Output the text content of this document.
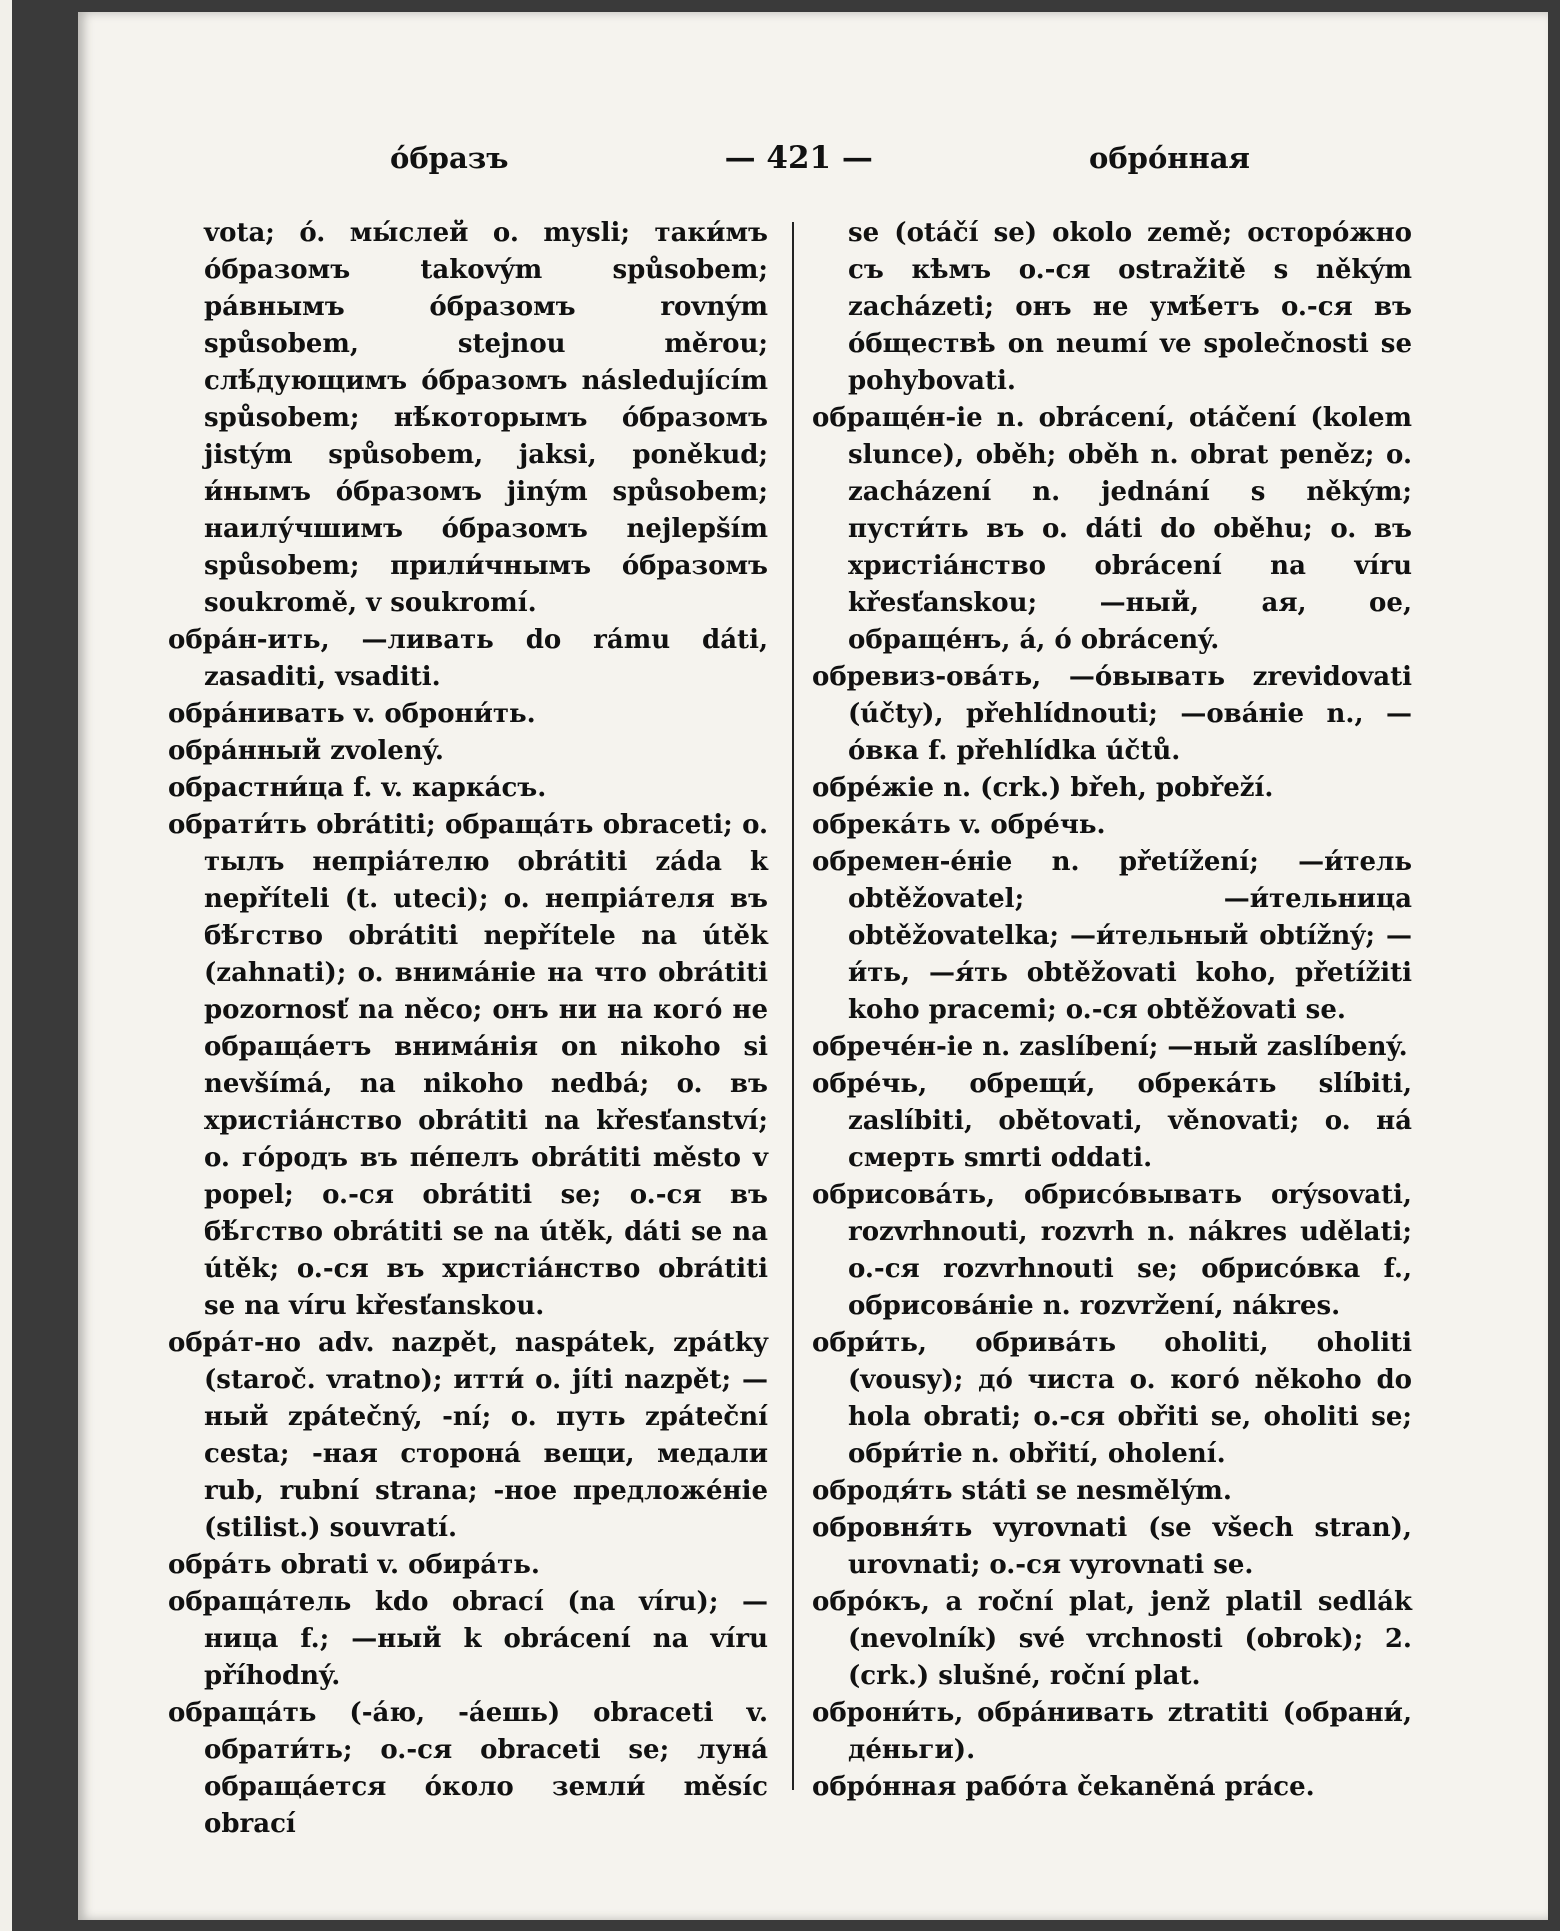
óбразъ	— 421 —	обрóнная

vota; ó. мы́слей o. mysli; таки́мъ óбразомъ takovým spůsobem; ра́внымъ óбразомъ rovným spůsobem, stejnou měrou; слѣ́дующимъ óбразомъ následujícím spůsobem; нѣ́которымъ óбразомъ jistým spůsobem, jaksi, poněkud; и́нымъ óбразомъ jiným spůsobem; наилу́чшимъ óбразомъ nejlepším spůsobem; прили́чнымъ óбразомъ soukromě, v soukromí.

обра́н-ить, —ливать do rámu dáti, zasaditi, vsaditi.

обра́нивать v. оброни́ть.

обра́нный zvolený.

обрастни́ца f. v. карка́съ.

обрати́ть obrátiti; обраща́ть obraceti; o. тылъ непріа́телю obrátiti záda k nepříteli (t. uteci); o. непріа́теля въ бѣ́гство obrátiti nepřítele na útěk (zahnati); o. внима́ніе на что obrátiti pozornosť na něco; онъ ни на кого́ не обраща́етъ внима́нія on nikoho si nevšímá, na nikoho nedbá; o. въ христіа́нство obrátiti na křesťanství; o. го́родъ въ пе́пелъ obrátiti město v popel; o.-ся obrátiti se; o.-ся въ бѣ́гство obrátiti se na útěk, dáti se na útěk; o.-ся въ христіа́нство obrátiti se na víru křesťanskou.

обра́т-но adv. nazpět, naspátek, zpátky (staroč. vratno); итти́ o. jíti nazpět; —ный zpátečný, -ní; o. путь zpáteční cesta; -ная сторона́ вещи, медали rub, rubní strana; -ное предложе́ніе (stilist.) souvratí.

обра́ть obrati v. обира́ть.

обраща́тель kdo obrací (na víru); —ница f.; —ный k obrácení na víru příhodný.

обраща́ть (-а́ю, -а́ешь) obraceti v. обрати́ть; o.-ся obraceti se; луна́ обраща́ется óколо земли́ měsíc obrací

se (otáčí se) okolo země; осторо́жно съ кѣмъ o.-ся ostražitě s někým zacházeti; онъ не умѣ́етъ o.-ся въ о́бществѣ on neumí ve společnosti se pohybovati.

обраще́н-іе n. obrácení, otáčení (kolem slunce), oběh; oběh n. obrat peněz; o. zacházení n. jednání s někým; пусти́ть въ o. dáti do oběhu; o. въ христіа́нство obrácení na víru křesťanskou; —ный, ая, ое, обраще́нъ, á, ó obrácený.

обревиз-ова́ть, —о́вывать zrevidovati (účty), přehlídnouti; —ова́ніе n., —о́вка f. přehlídka účtů.

обре́жіе n. (crk.) břeh, pobřeží.

обрека́ть v. обре́чь.

обремен-е́ніе n. přetížení; —и́тель obtěžovatel; —и́тельница obtěžovatelka; —и́тельный obtížný; —и́ть, —я́ть obtěžovati koho, přetížiti koho pracemi; o.-ся obtěžovati se.

обрече́н-іе n. zaslíbení; —ный zaslíbený.

обре́чь, обрещи́, обрека́ть slíbiti, zaslíbiti, obětovati, věnovati; o. на́ смерть smrti oddati.

обрисова́ть, обрисо́вывать orýsovati, rozvrhnouti, rozvrh n. nákres udělati; o.-ся rozvrhnouti se; обрисо́вка f., обрисова́ніе n. rozvržení, nákres.

обри́ть, обрива́ть oholiti, oholiti (vousy); до́ чиста o. кого́ někoho do hola obrati; o.-ся obřiti se, oholiti se; обри́тіе n. obřití, oholení.

обродя́ть státi se nesmělým.

обровня́ть vyrovnati (se všech stran), urovnati; o.-ся vyrovnati se.

обро́къ, a roční plat, jenž platil sedlák (nevolník) své vrchnosti (obrok); 2. (crk.) slušné, roční plat.

оброни́ть, обра́нивать ztratiti (обрани́, де́ньги).

обро́нная рабо́та čekaněná práce.
